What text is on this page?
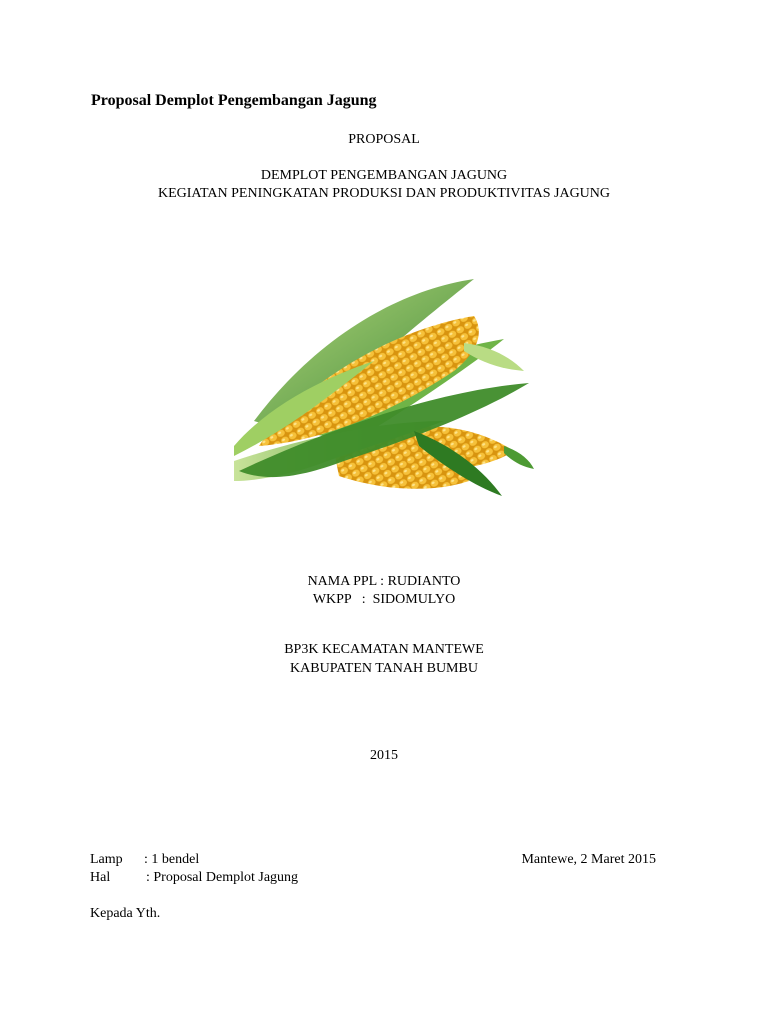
Proposal Demplot Pengembangan Jagung
PROPOSAL
DEMPLOT PENGEMBANGAN JAGUNG
KEGIATAN PENINGKATAN PRODUKSI DAN PRODUKTIVITAS JAGUNG
NAMA PPL : RUDIANTO
WKPP   :  SIDOMULYO
BP3K KECAMATAN MANTEWE
KABUPATEN TANAH BUMBU
2015
Lamp : 1 bendel	Mantewe, 2 Maret 2015
Hal	: Proposal Demplot Jagung
Kepada Yth.
